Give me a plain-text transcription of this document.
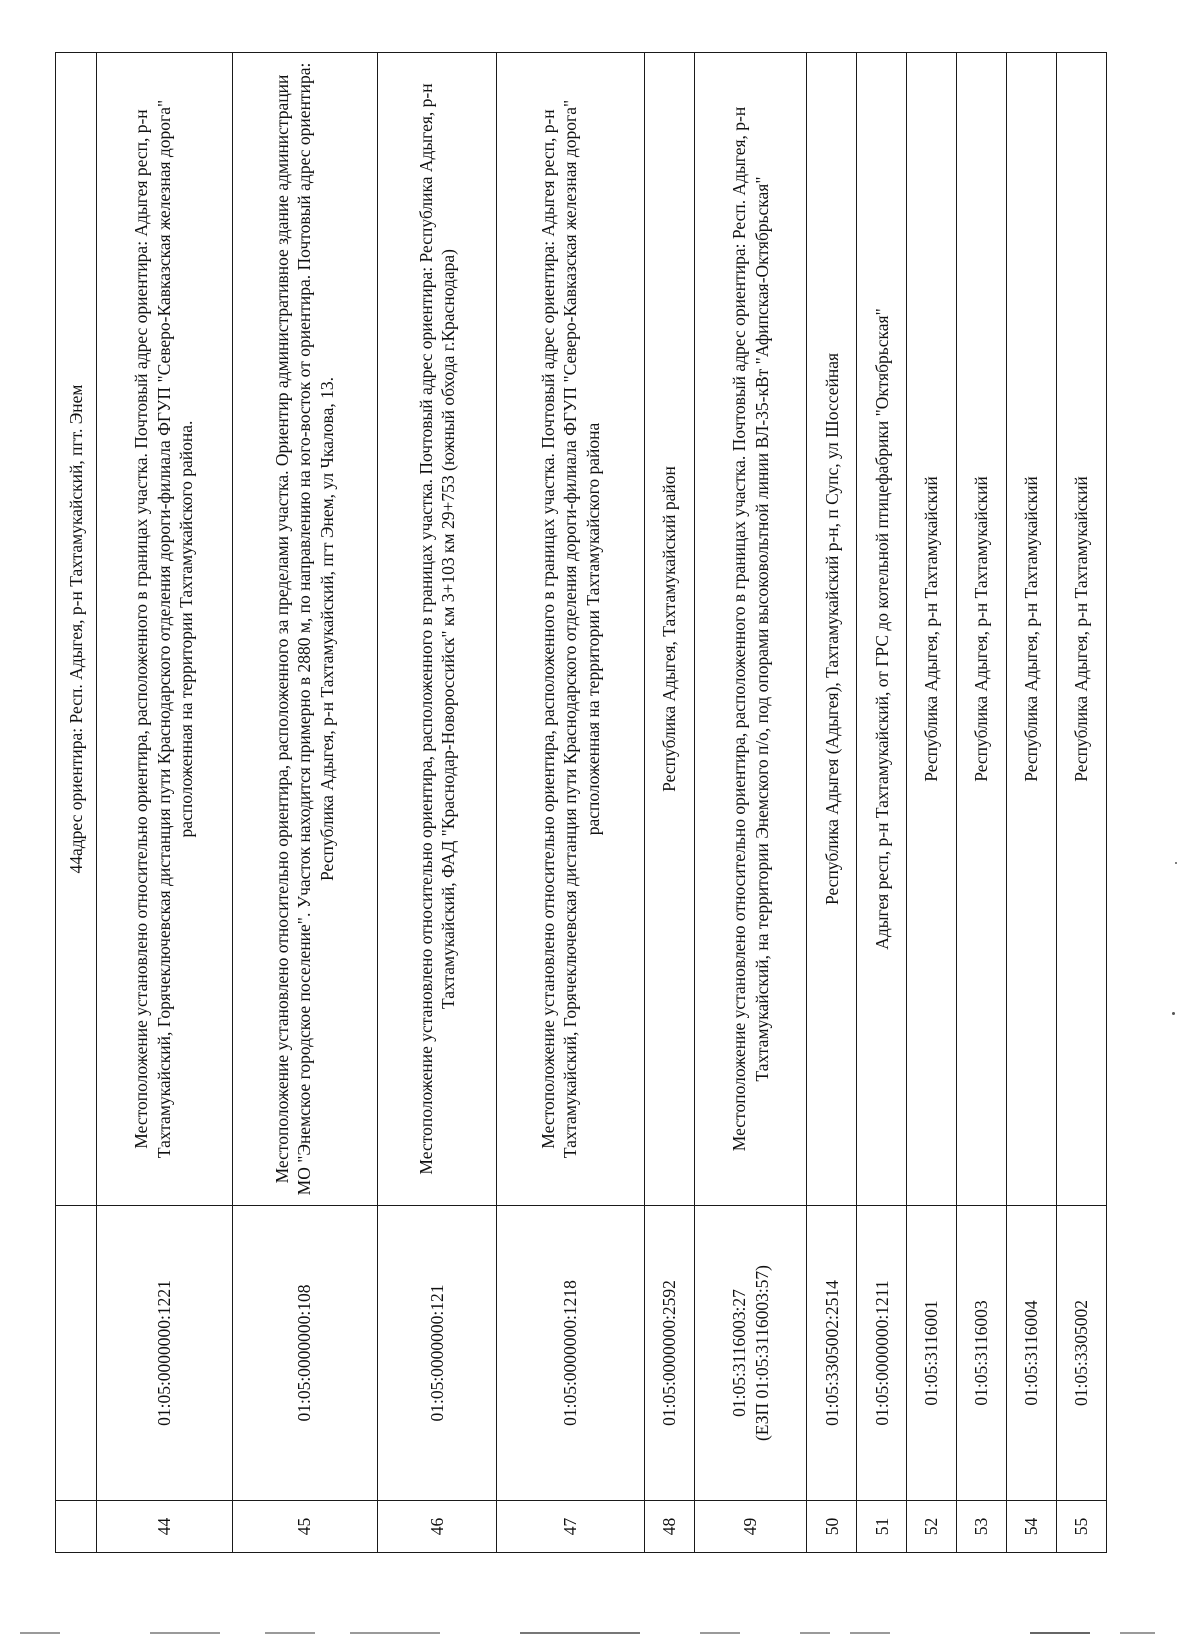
		44адрес ориентира: Респ. Адыгея, р-н Тахтамукайский, пгт. Энем
44	01:05:0000000:1221	Местоположение установлено относительно ориентира, расположенного в границах участка. Почтовый адрес ориентира: Адыгея респ, р-н Тахтамукайский, Горячеключевская дистанция пути Краснодарского отделения дороги-филиала ФГУП "Северо-Кавказская железная дорога" расположенная на территории Тахтамукайского района.
45	01:05:0000000:108	Местоположение установлено относительно ориентира, расположенного за пределами участка. Ориентир административное здание администрации МО "Энемское городское поселение". Участок находится примерно в 2880 м, по направлению на юго-восток от ориентира. Почтовый адрес ориентира: Республика Адыгея, р-н Тахтамукайский, пгт Энем, ул Чкалова, 13.
46	01:05:0000000:121	Местоположение установлено относительно ориентира, расположенного в границах участка. Почтовый адрес ориентира: Республика Адыгея, р-н Тахтамукайский, ФАД "Краснодар-Новороссийск" км 3+103 км 29+753 (южный обхода г.Краснодара)
47	01:05:0000000:1218	Местоположение установлено относительно ориентира, расположенного в границах участка. Почтовый адрес ориентира: Адыгея респ, р-н Тахтамукайский, Горячеключевская дистанция пути Краснодарского отделения дороги-филиала ФГУП "Северо-Кавказская железная дорога" расположенная на территории Тахтамукайского района
48	01:05:0000000:2592	Республика Адыгея, Тахтамукайский район
49	01:05:3116003:27 (ЕЗП 01:05:3116003:57)	Местоположение установлено относительно ориентира, расположенного в границах участка. Почтовый адрес ориентира: Респ. Адыгея, р-н Тахтамукайский, на территории Энемского п/о, под опорами высоковольтной линии ВЛ-35-кВт "Афипская-Октябрьская"
50	01:05:3305002:2514	Республика Адыгея (Адыгея), Тахтамукайский р-н, п Супс, ул Шоссейная
51	01:05:0000000:1211	Адыгея респ, р-н Тахтамукайский, от ГРС до котельной птицефабрики "Октябрьская"
52	01:05:3116001	Республика Адыгея, р-н Тахтамукайский
53	01:05:3116003	Республика Адыгея, р-н Тахтамукайский
54	01:05:3116004	Республика Адыгея, р-н Тахтамукайский
55	01:05:3305002	Республика Адыгея, р-н Тахтамукайский
